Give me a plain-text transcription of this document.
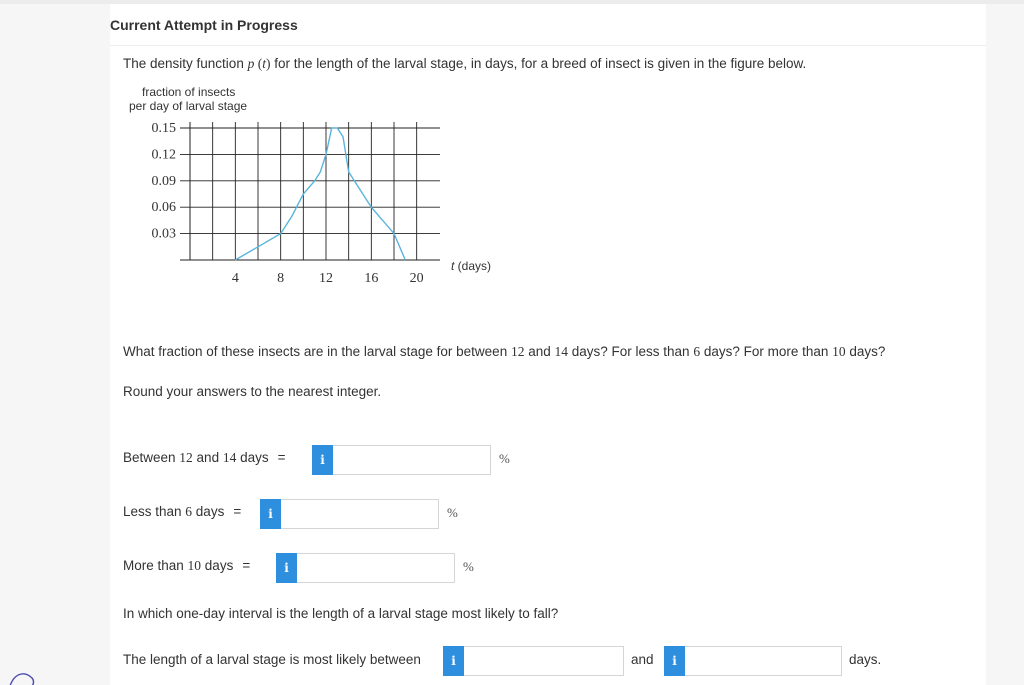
Current Attempt in Progress
The density function p (t) for the length of the larval stage, in days, for a breed of insect is given in the figure below.
fraction of insects
per day of larval stage
0.15
0.12
0.09
0.06
0.03
4	8 12 16 20
t (days)
What fraction of these insects are in the larval stage for between 12 and 14 days? For less than 6 days? For more than 10 days?
Round your answers to the nearest integer.
Between 12 and 14 days =	i	%
Less than 6 days =	i	%
More than 10 days =	i	%
In which one-day interval is the length of a larval stage most likely to fall?
The length of a larval stage is most likely between	i	and	i	days.
